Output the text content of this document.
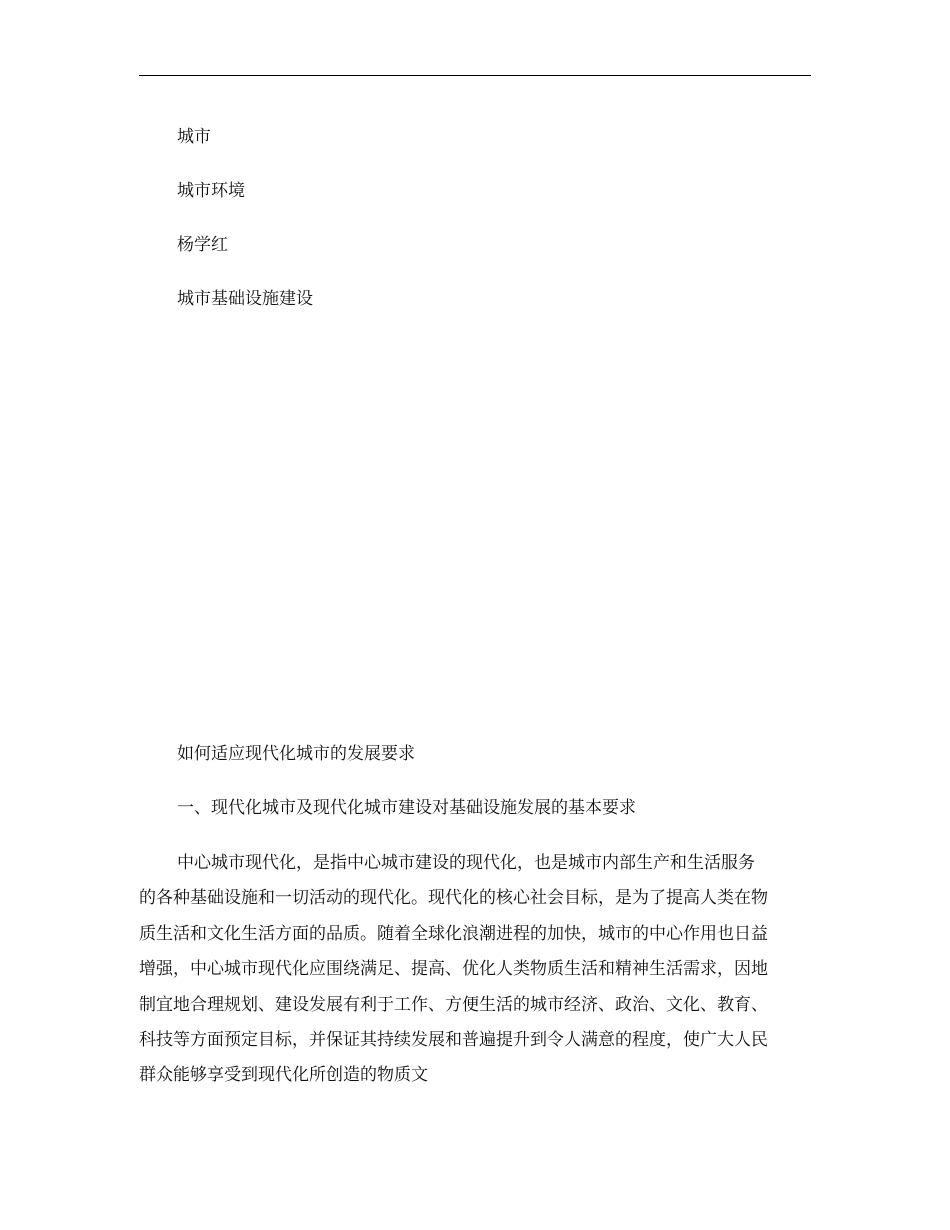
城市
城市环境
杨学红
城市基础设施建设
如何适应现代化城市的发展要求
一、现代化城市及现代化城市建设对基础设施发展的基本要求

中心城市现代化，是指中心城市建设的现代化，也是城市内部生产和生活服务的各种基础设施和一切活动的现代化。现代化的核心社会目标，是为了提高人类在物质生活和文化生活方面的品质。随着全球化浪潮进程的加快，城市的中心作用也日益增强，中心城市现代化应围绕满足、提高、优化人类物质生活和精神生活需求，因地制宜地合理规划、建设发展有利于工作、方便生活的城市经济、政治、文化、教育、科技等方面预定目标，并保证其持续发展和普遍提升到令人满意的程度，使广大人民群众能够享受到现代化所创造的物质文
